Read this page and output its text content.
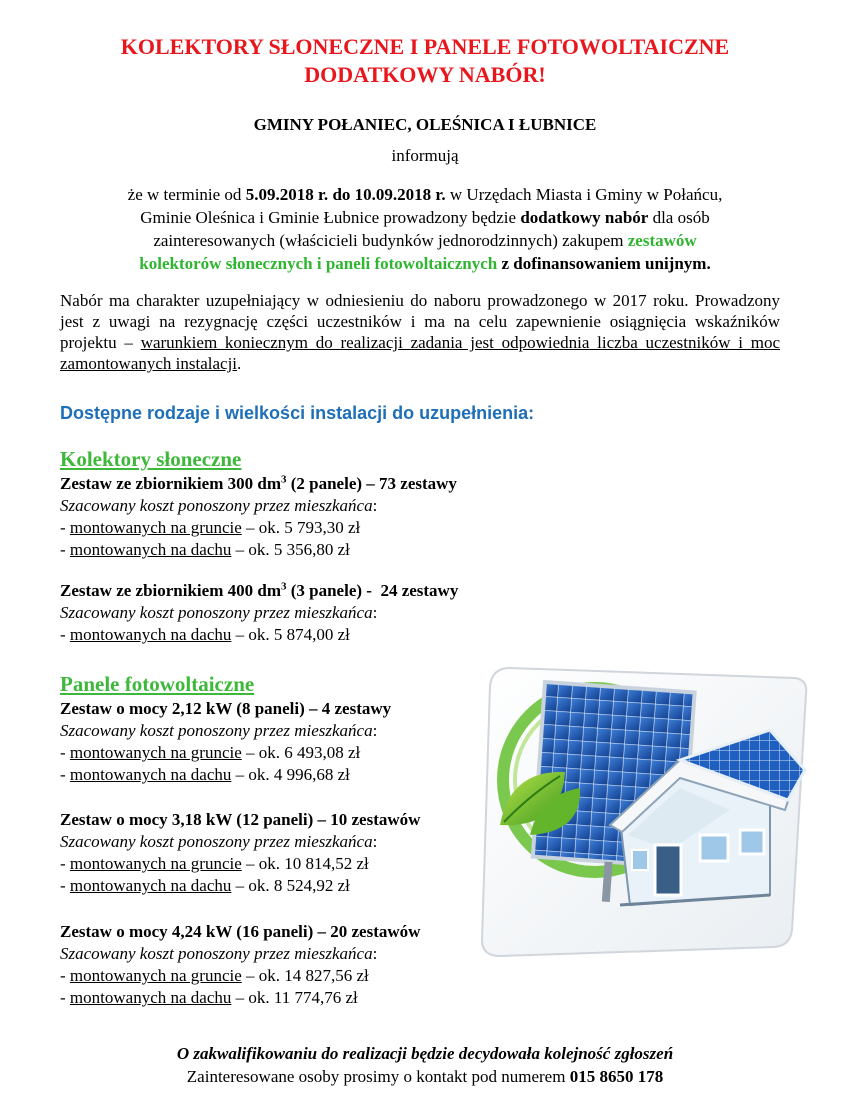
KOLEKTORY SŁONECZNE I PANELE FOTOWOLTAICZNE
DODATKOWY NABÓR!
GMINY POŁANIEC, OLEŚNICA I ŁUBNICE
informują
że w terminie od 5.09.2018 r. do 10.09.2018 r. w Urzędach Miasta i Gminy w Połańcu,
Gminie Oleśnica i Gminie Łubnice prowadzony będzie dodatkowy nabór dla osób
zainteresowanych (właścicieli budynków jednorodzinnych) zakupem zestawów
kolektorów słonecznych i paneli fotowoltaicznych z dofinansowaniem unijnym.
Nabór ma charakter uzupełniający w odniesieniu do naboru prowadzonego w 2017 roku. Prowadzony jest z uwagi na rezygnację części uczestników i ma na celu zapewnienie osiągnięcia wskaźników projektu – warunkiem koniecznym do realizacji zadania jest odpowiednia liczba uczestników i moc zamontowanych instalacji.
Dostępne rodzaje i wielkości instalacji do uzupełnienia:
Kolektory słoneczne
Zestaw ze zbiornikiem 300 $dm^3$ (2 panele) – 73 zestawy
Szacowany koszt ponoszony przez mieszkańca:
- montowanych na gruncie – ok. 5 793,30 zł
- montowanych na dachu – ok. 5 356,80 zł
Zestaw ze zbiornikiem 400 $dm^3$ (3 panele) -  24 zestawy
Szacowany koszt ponoszony przez mieszkańca:
- montowanych na dachu – ok. 5 874,00 zł
Panele fotowoltaiczne
Zestaw o mocy 2,12 kW (8 paneli) – 4 zestawy
Szacowany koszt ponoszony przez mieszkańca:
- montowanych na gruncie – ok. 6 493,08 zł
- montowanych na dachu – ok. 4 996,68 zł
Zestaw o mocy 3,18 kW (12 paneli) – 10 zestawów
Szacowany koszt ponoszony przez mieszkańca:
- montowanych na gruncie – ok. 10 814,52 zł
- montowanych na dachu – ok. 8 524,92 zł
Zestaw o mocy 4,24 kW (16 paneli) – 20 zestawów
Szacowany koszt ponoszony przez mieszkańca:
- montowanych na gruncie – ok. 14 827,56 zł
- montowanych na dachu – ok. 11 774,76 zł
O zakwalifikowaniu do realizacji będzie decydowała kolejność zgłoszeń
Zainteresowane osoby prosimy o kontakt pod numerem 015 8650 178
